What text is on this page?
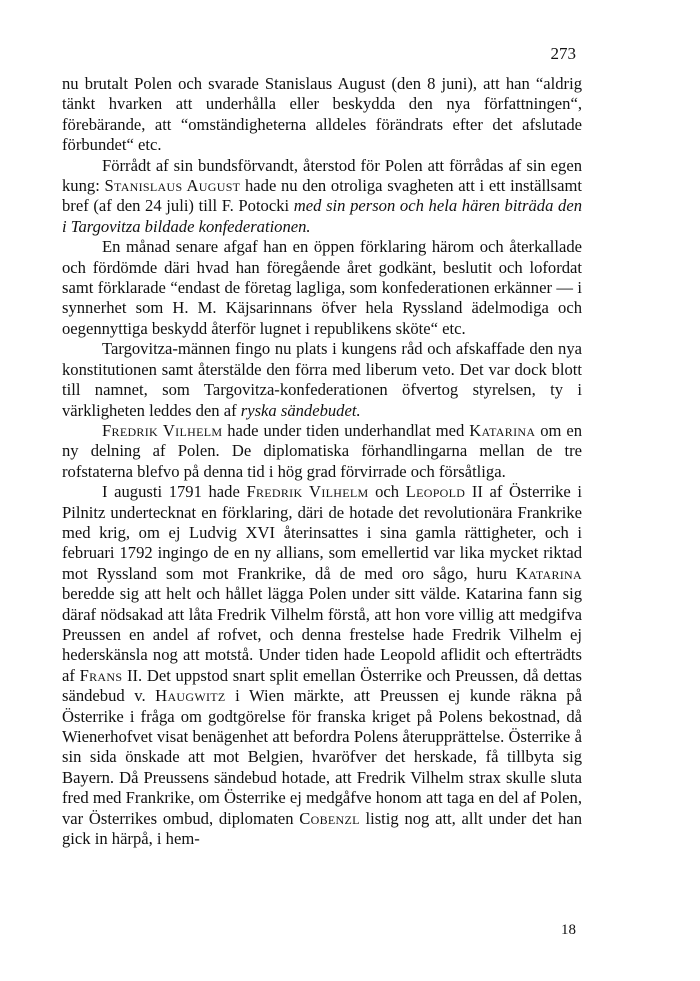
273

nu brutalt Polen och svarade Stanislaus August (den 8 juni), att han “aldrig tänkt hvarken att underhålla eller beskydda den nya författningen“, förebärande, att “omständigheterna alldeles förändrats efter det afslutade förbundet“ etc.

Förrådt af sin bundsförvandt, återstod för Polen att förrådas af sin egen kung: Stanislaus August hade nu den otroliga svagheten att i ett inställsamt bref (af den 24 juli) till F. Potocki med sin person och hela hären biträda den i Targovitza bildade konfederationen.

En månad senare afgaf han en öppen förklaring härom och återkallade och fördömde däri hvad han föregående året godkänt, beslutit och lofordat samt förklarade “endast de företag lagliga, som konfederationen erkänner — i synnerhet som H. M. Käjsarinnans öfver hela Ryssland ädelmodiga och oegennyttiga beskydd återför lugnet i republikens sköte“ etc.

Targovitza-männen fingo nu plats i kungens råd och afskaffade den nya konstitutionen samt återstälde den förra med liberum veto. Det var dock blott till namnet, som Targovitza-konfederationen öfvertog styrelsen, ty i värkligheten leddes den af ryska sändebudet.

Fredrik Vilhelm hade under tiden underhandlat med Katarina om en ny delning af Polen. De diplomatiska förhandlingarna mellan de tre rofstaterna blefvo på denna tid i hög grad förvirrade och försåtliga.

I augusti 1791 hade Fredrik Vilhelm och Leopold II af Österrike i Pilnitz undertecknat en förklaring, däri de hotade det revolutionära Frankrike med krig, om ej Ludvig XVI återinsattes i sina gamla rättigheter, och i februari 1792 ingingo de en ny allians, som emellertid var lika mycket riktad mot Ryssland som mot Frankrike, då de med oro sågo, huru Katarina beredde sig att helt och hållet lägga Polen under sitt välde. Katarina fann sig däraf nödsakad att låta Fredrik Vilhelm förstå, att hon vore villig att medgifva Preussen en andel af rofvet, och denna frestelse hade Fredrik Vilhelm ej hederskänsla nog att motstå. Under tiden hade Leopold aflidit och efterträdts af Frans II. Det uppstod snart split emellan Österrike och Preussen, då dettas sändebud v. Haugwitz i Wien märkte, att Preussen ej kunde räkna på Österrike i fråga om godtgörelse för franska kriget på Polens bekostnad, då Wienerhofvet visat benägenhet att befordra Polens återupprättelse. Österrike å sin sida önskade att mot Belgien, hvaröfver det herskade, få tillbyta sig Bayern. Då Preussens sändebud hotade, att Fredrik Vilhelm strax skulle sluta fred med Frankrike, om Österrike ej medgåfve honom att taga en del af Polen, var Österrikes ombud, diplomaten Cobenzl listig nog att, allt under det han gick in härpå, i hem-

18
